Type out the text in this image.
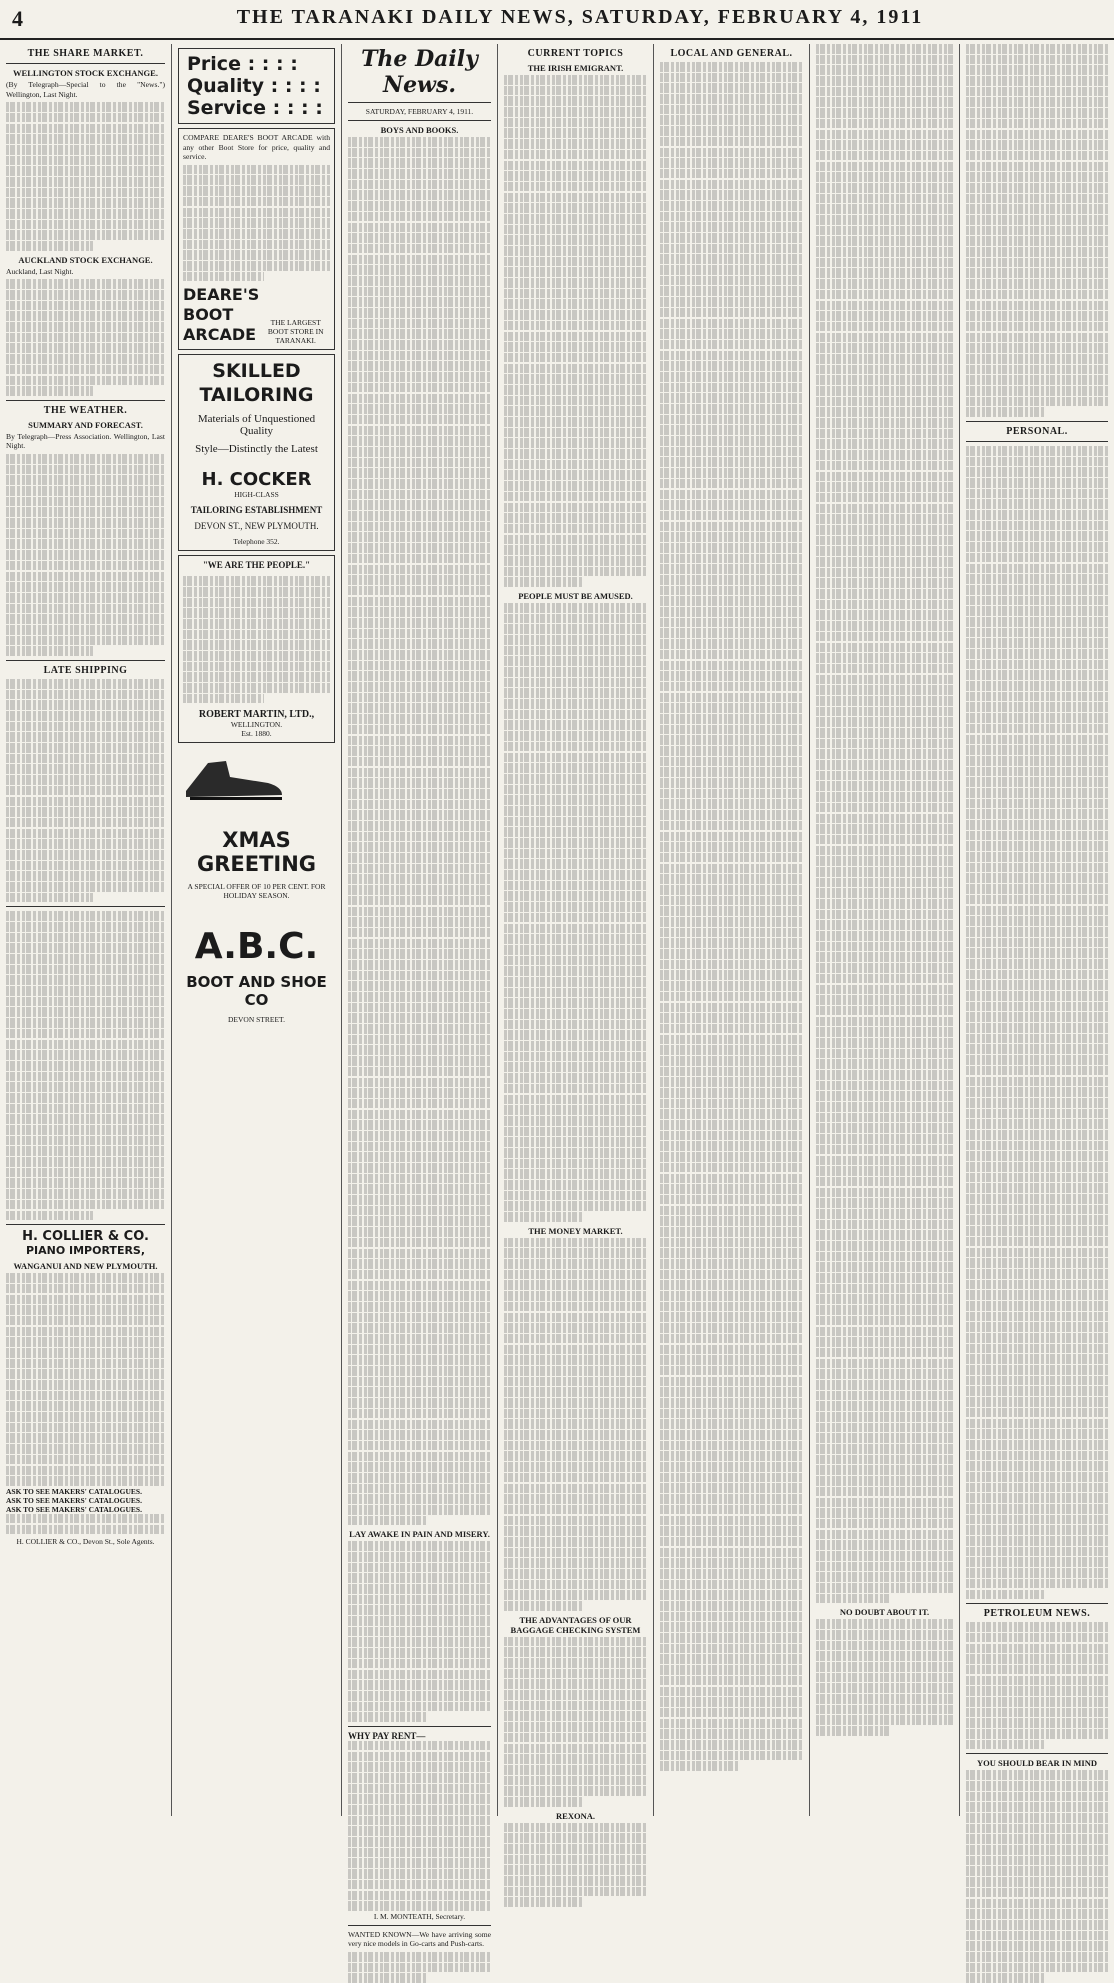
4	THE TARANAKI DAILY NEWS, SATURDAY, FEBRUARY 4, 1911
THE SHARE MARKET.
WELLINGTON STOCK EXCHANGE.

(By Telegraph—Special to the "News.") Wellington, Last Night.

AUCKLAND STOCK EXCHANGE.

Auckland, Last Night.

THE WEATHER.
SUMMARY AND FORECAST.

By Telegraph—Press Association. Wellington, Last Night.

LATE SHIPPING
H. COLLIER & CO.
PIANO IMPORTERS,
WANGANUI AND NEW PLYMOUTH.
ASK TO SEE MAKERS' CATALOGUES.
ASK TO SEE MAKERS' CATALOGUES.
ASK TO SEE MAKERS' CATALOGUES.
H. COLLIER & CO., Devon St., Sole Agents.
Price : : : :
Quality : : : :
Service : : : :

COMPARE DEARE'S BOOT ARCADE with any other Boot Store for price, quality and service.

DEARE'S BOOT ARCADE
THE LARGEST BOOT STORE IN TARANAKI.
SKILLED TAILORING
Materials of Unquestioned Quality
Style—Distinctly the Latest
H. COCKER
HIGH-CLASS
TAILORING ESTABLISHMENT
DEVON ST., NEW PLYMOUTH.
Telephone 352.
"WE ARE THE PEOPLE."
ROBERT MARTIN, LTD.,
WELLINGTON.
Est. 1880.
XMAS GREETING
A SPECIAL OFFER OF 10 PER CENT. FOR HOLIDAY SEASON.
A.B.C.
BOOT AND SHOE CO
DEVON STREET.
The Daily News.
SATURDAY, FEBRUARY 4, 1911.
BOYS AND BOOKS.
LAY AWAKE IN PAIN AND MISERY.
WHY PAY RENT—
I. M. MONTEATH, Secretary.

WANTED KNOWN—We have arriving some very nice models in Go-carts and Push-carts.

CURRENT TOPICS
THE IRISH EMIGRANT.
PEOPLE MUST BE AMUSED.
THE MONEY MARKET.
THE ADVANTAGES OF OUR BAGGAGE CHECKING SYSTEM
REXONA.
LOCAL AND GENERAL.
NO DOUBT ABOUT IT.
PERSONAL.
PETROLEUM NEWS.
YOU SHOULD BEAR IN MIND
